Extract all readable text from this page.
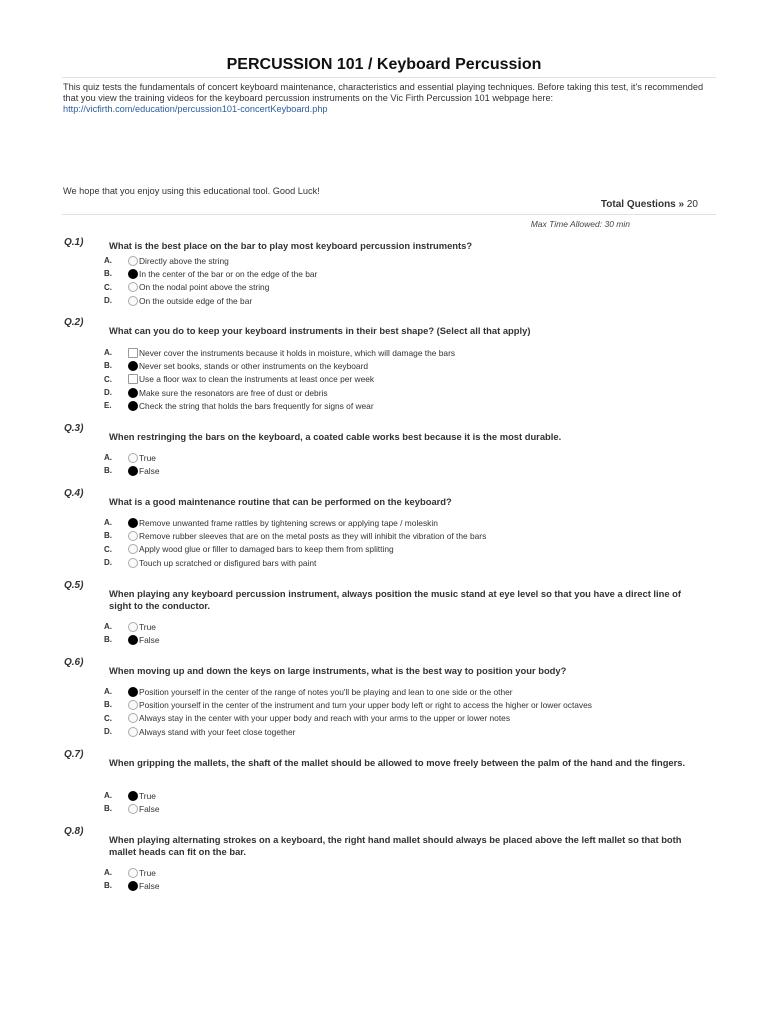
PERCUSSION 101 / Keyboard Percussion
This quiz tests the fundamentals of concert keyboard maintenance, characteristics and essential playing techniques. Before taking this test, it's recommended that you view the training videos for the keyboard percussion instruments on the Vic Firth Percussion 101 webpage here:
http://vicfirth.com/education/percussion101-concertKeyboard.php
We hope that you enjoy using this educational tool. Good Luck!
Total Questions » 20
Max Time Allowed: 30 min
Q.1)	What is the best place on the bar to play most keyboard percussion instruments?
A.	Directly above the string
B.	In the center of the bar or on the edge of the bar
C.	On the nodal point above the string
D.	On the outside edge of the bar
Q.2)
What can you do to keep your keyboard instruments in their best shape? (Select all that apply)
A.	Never cover the instruments because it holds in moisture, which will damage the bars
B.	Never set books, stands or other instruments on the keyboard
C.	Use a floor wax to clean the instruments at least once per week
D.	Make sure the resonators are free of dust or debris
E.	Check the string that holds the bars frequently for signs of wear
Q.3)
When restringing the bars on the keyboard, a coated cable works best because it is the most durable.
A.	True
B.	False
Q.4)
What is a good maintenance routine that can be performed on the keyboard?
A.	Remove unwanted frame rattles by tightening screws or applying tape / moleskin
B.	Remove rubber sleeves that are on the metal posts as they will inhibit the vibration of the bars
C.	Apply wood glue or filler to damaged bars to keep them from splitting
D.	Touch up scratched or disfigured bars with paint
Q.5)
When playing any keyboard percussion instrument, always position the music stand at eye level so that you have a direct line of sight to the conductor.
A.	True
B.	False
Q.6)
When moving up and down the keys on large instruments, what is the best way to position your body?
A.	Position yourself in the center of the range of notes you'll be playing and lean to one side or the other
B.	Position yourself in the center of the instrument and turn your upper body left or right to access the higher or lower octaves
C.	Always stay in the center with your upper body and reach with your arms to the upper or lower notes
D.	Always stand with your feet close together
Q.7)
When gripping the mallets, the shaft of the mallet should be allowed to move freely between the palm of the hand and the fingers.
A.	True
B.	False
Q.8)
When playing alternating strokes on a keyboard, the right hand mallet should always be placed above the left mallet so that both mallet heads can fit on the bar.
A.	True
B.	False
